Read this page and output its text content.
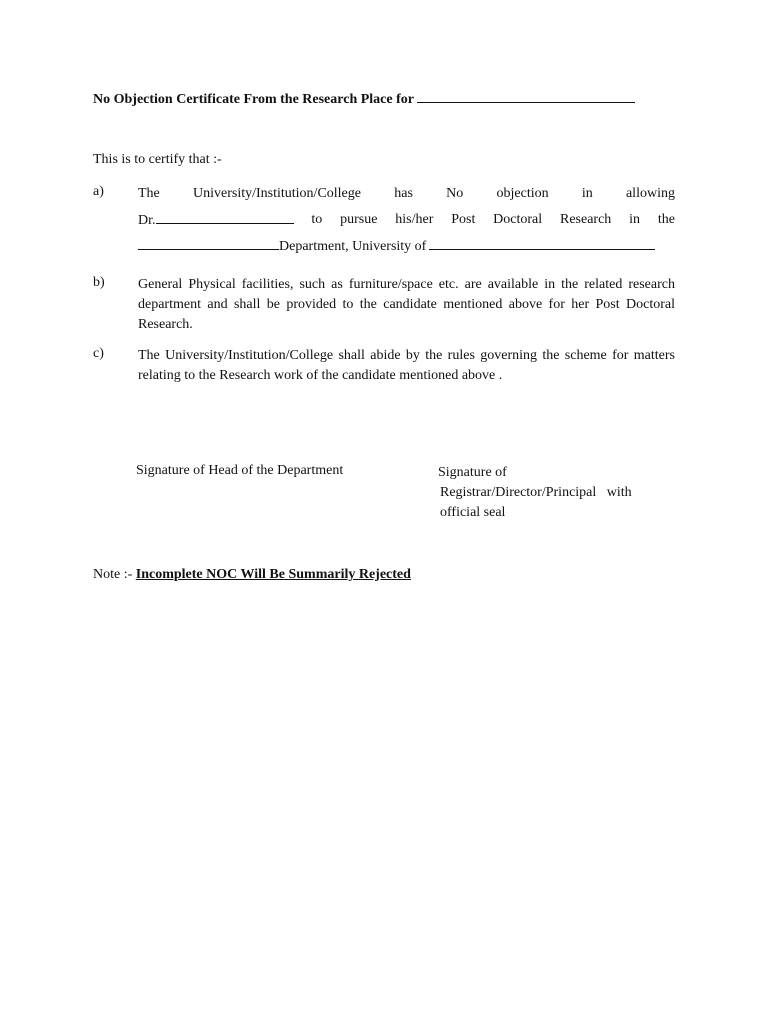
No Objection Certificate From the Research Place for
This is to certify that :-
a) The University/Institution/College has No objection in allowing
Dr.	to pursue his/her Post Doctoral Research in the
Department, University of
b) General Physical facilities, such as furniture/space etc. are available in the related research department and shall be provided to the candidate mentioned above for her Post Doctoral Research.
c) The University/Institution/College shall abide by the rules governing the scheme for matters relating to the Research work of the candidate mentioned above .
Signature of Head of the Department	Signature of
Registrar/Director/Principal   with
official seal
Note :- Incomplete NOC Will Be Summarily Rejected
